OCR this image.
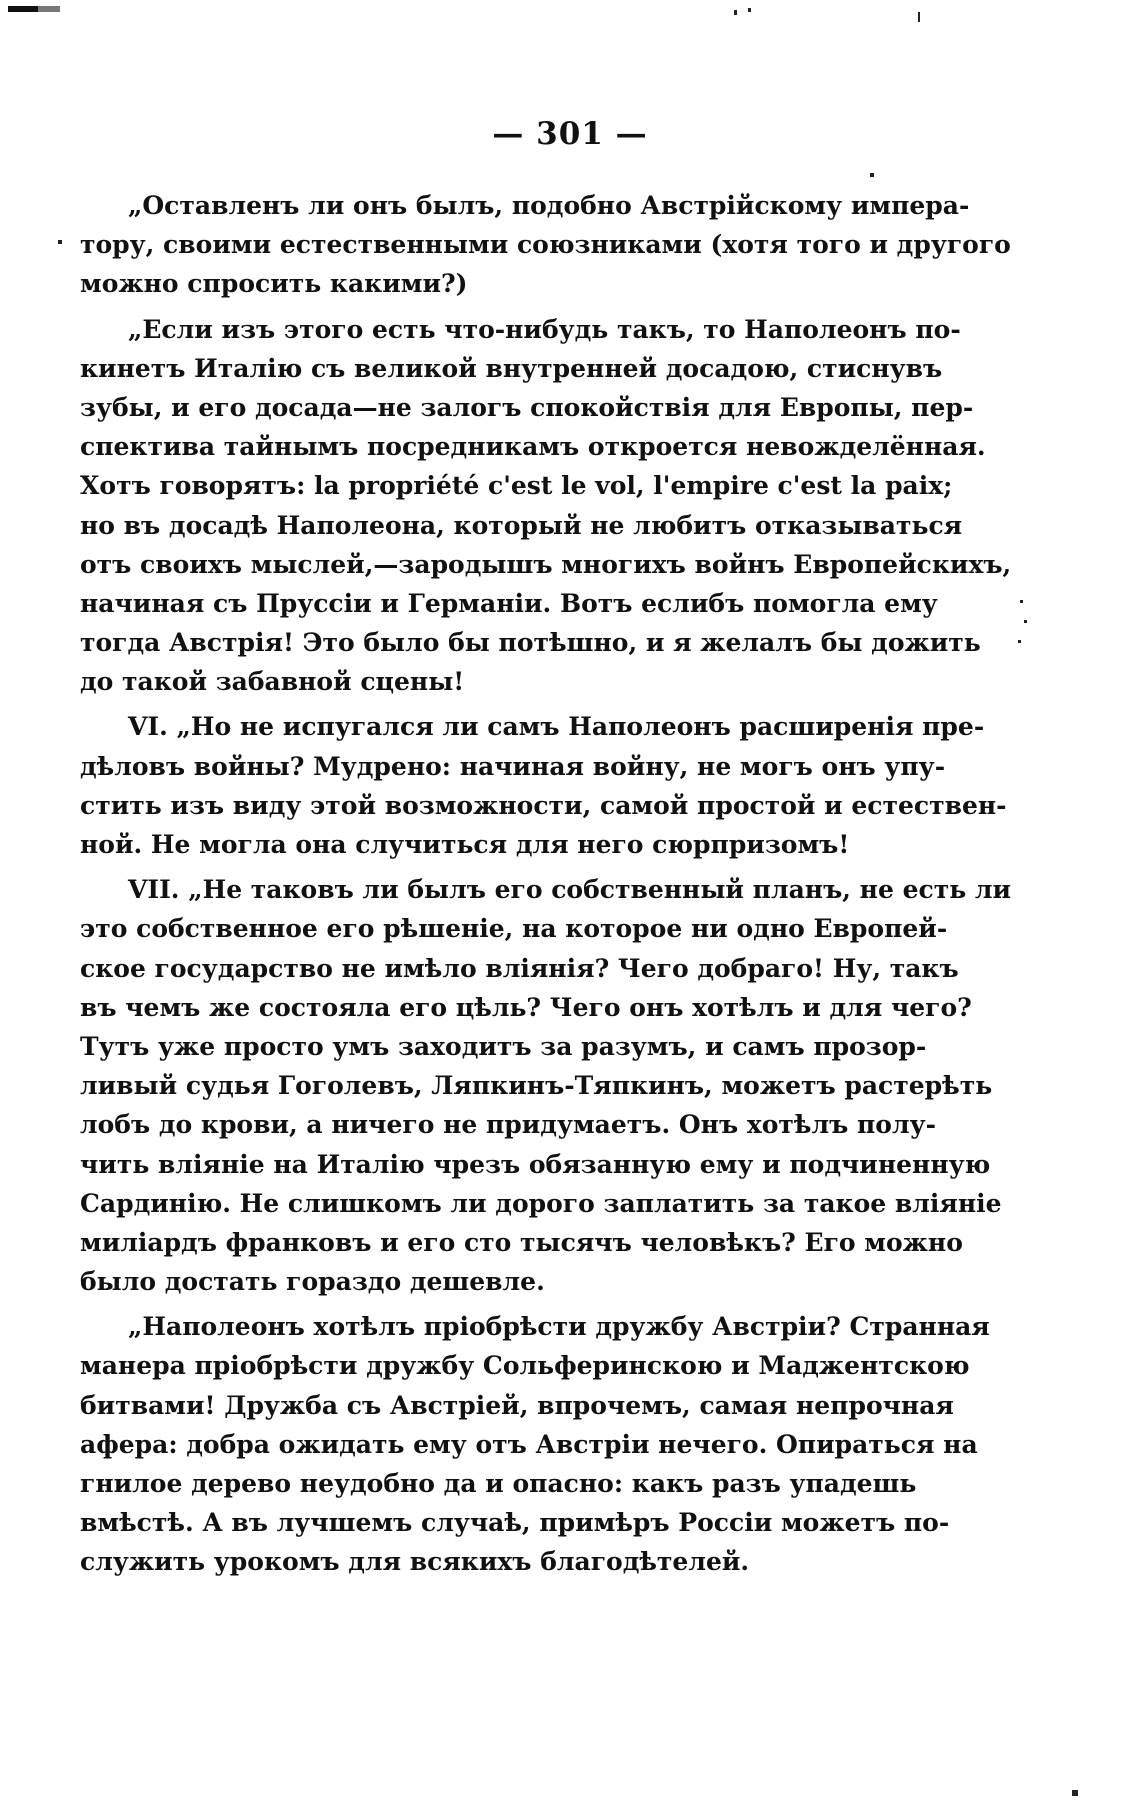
— 301 —

„Оставленъ ли онъ былъ, подобно Австрійскому импера-
тору, своими естественными союзниками (хотя того и другого
можно спросить какими?)

„Если изъ этого есть что-нибудь такъ, то Наполеонъ по-
кинетъ Италію съ великой внутренней досадою, стиснувъ
зубы, и его досада—не залогъ спокойствія для Европы, пер-
спектива тайнымъ посредникамъ откроется невожделённая.
Хотъ говорятъ: la propriété c'est le vol, l'empire c'est la paix;
но въ досадѣ Наполеона, который не любитъ отказываться
отъ своихъ мыслей,—зародышъ многихъ войнъ Европейскихъ,
начиная съ Пруссіи и Германіи. Вотъ еслибъ помогла ему
тогда Австрія! Это было бы потѣшно, и я желалъ бы дожить
до такой забавной сцены!

VI. „Но не испугался ли самъ Наполеонъ расширенія пре-
дѣловъ войны? Мудрено: начиная войну, не могъ онъ упу-
стить изъ виду этой возможности, самой простой и естествен-
ной. Не могла она случиться для него сюрпризомъ!

VII. „Не таковъ ли былъ его собственный планъ, не есть ли
это собственное его рѣшеніе, на которое ни одно Европей-
ское государство не имѣло вліянія? Чего добраго! Ну, такъ
въ чемъ же состояла его цѣль? Чего онъ хотѣлъ и для чего?
Тутъ уже просто умъ заходитъ за разумъ, и самъ прозор-
ливый судья Гоголевъ, Ляпкинъ-Тяпкинъ, можетъ растерѣть
лобъ до крови, а ничего не придумаетъ. Онъ хотѣлъ полу-
чить вліяніе на Италію чрезъ обязанную ему и подчиненную
Сардинію. Не слишкомъ ли дорого заплатить за такое вліяніе
миліардъ франковъ и его сто тысячъ человѣкъ? Его можно
было достать гораздо дешевле.

„Наполеонъ хотѣлъ пріобрѣсти дружбу Австріи? Странная
манера пріобрѣсти дружбу Сольферинскою и Маджентскою
битвами! Дружба съ Австріей, впрочемъ, самая непрочная
афера: добра ожидать ему отъ Австріи нечего. Опираться на
гнилое дерево неудобно да и опасно: какъ разъ упадешь
вмѣстѣ. А въ лучшемъ случаѣ, примѣръ Россіи можетъ по-
служить урокомъ для всякихъ благодѣтелей.
